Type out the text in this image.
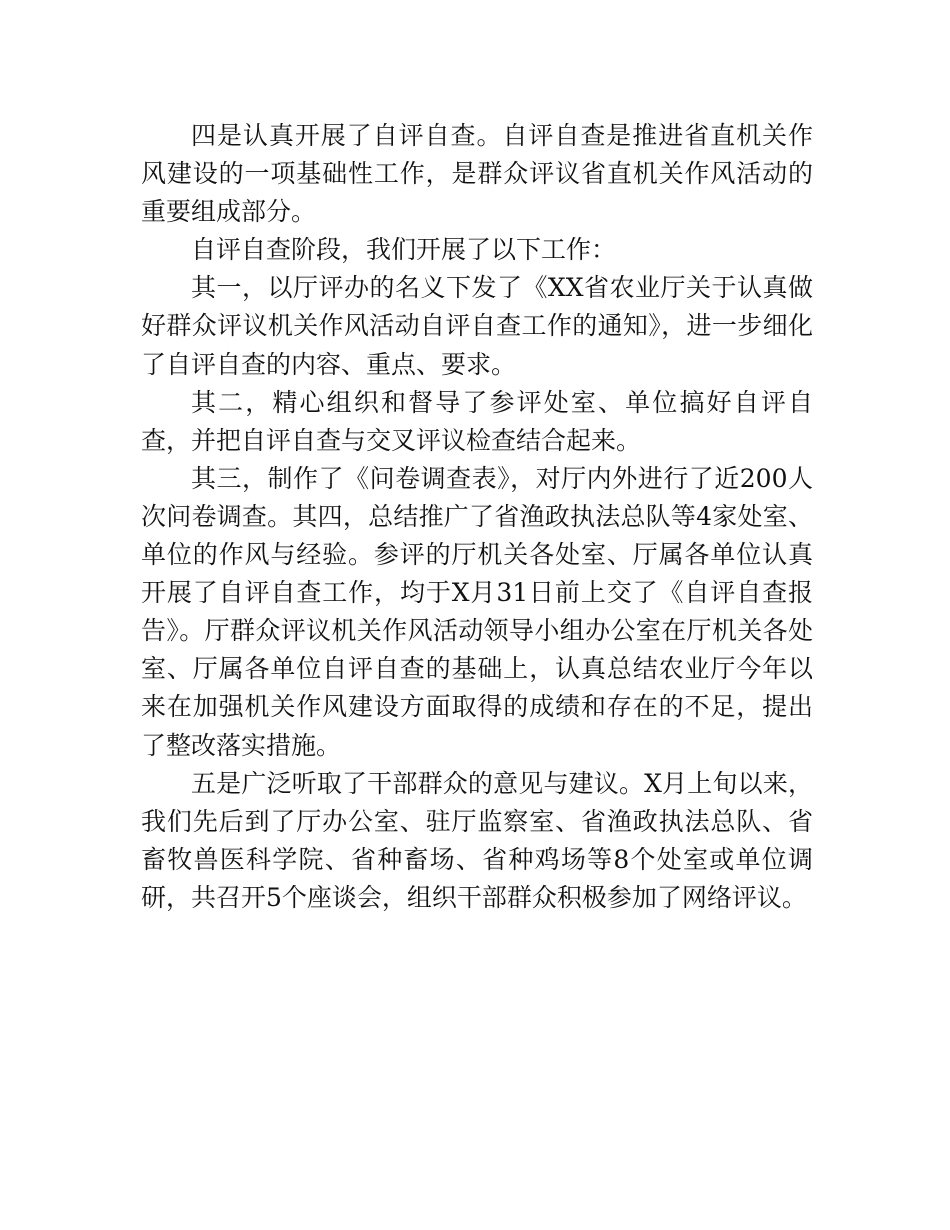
四是认真开展了自评自查。自评自查是推进省直机关作风建设的一项基础性工作，是群众评议省直机关作风活动的重要组成部分。

自评自查阶段，我们开展了以下工作：

其一，以厅评办的名义下发了《XX省农业厅关于认真做好群众评议机关作风活动自评自查工作的通知》，进一步细化了自评自查的内容、重点、要求。

其二，精心组织和督导了参评处室、单位搞好自评自查，并把自评自查与交叉评议检查结合起来。

其三，制作了《问卷调查表》，对厅内外进行了近200人次问卷调查。其四，总结推广了省渔政执法总队等4家处室、单位的作风与经验。参评的厅机关各处室、厅属各单位认真开展了自评自查工作，均于X月31日前上交了《自评自查报告》。厅群众评议机关作风活动领导小组办公室在厅机关各处室、厅属各单位自评自查的基础上，认真总结农业厅今年以来在加强机关作风建设方面取得的成绩和存在的不足，提出了整改落实措施。

五是广泛听取了干部群众的意见与建议。X月上旬以来，我们先后到了厅办公室、驻厅监察室、省渔政执法总队、省畜牧兽医科学院、省种畜场、省种鸡场等8个处室或单位调研，共召开5个座谈会，组织干部群众积极参加了网络评议。
